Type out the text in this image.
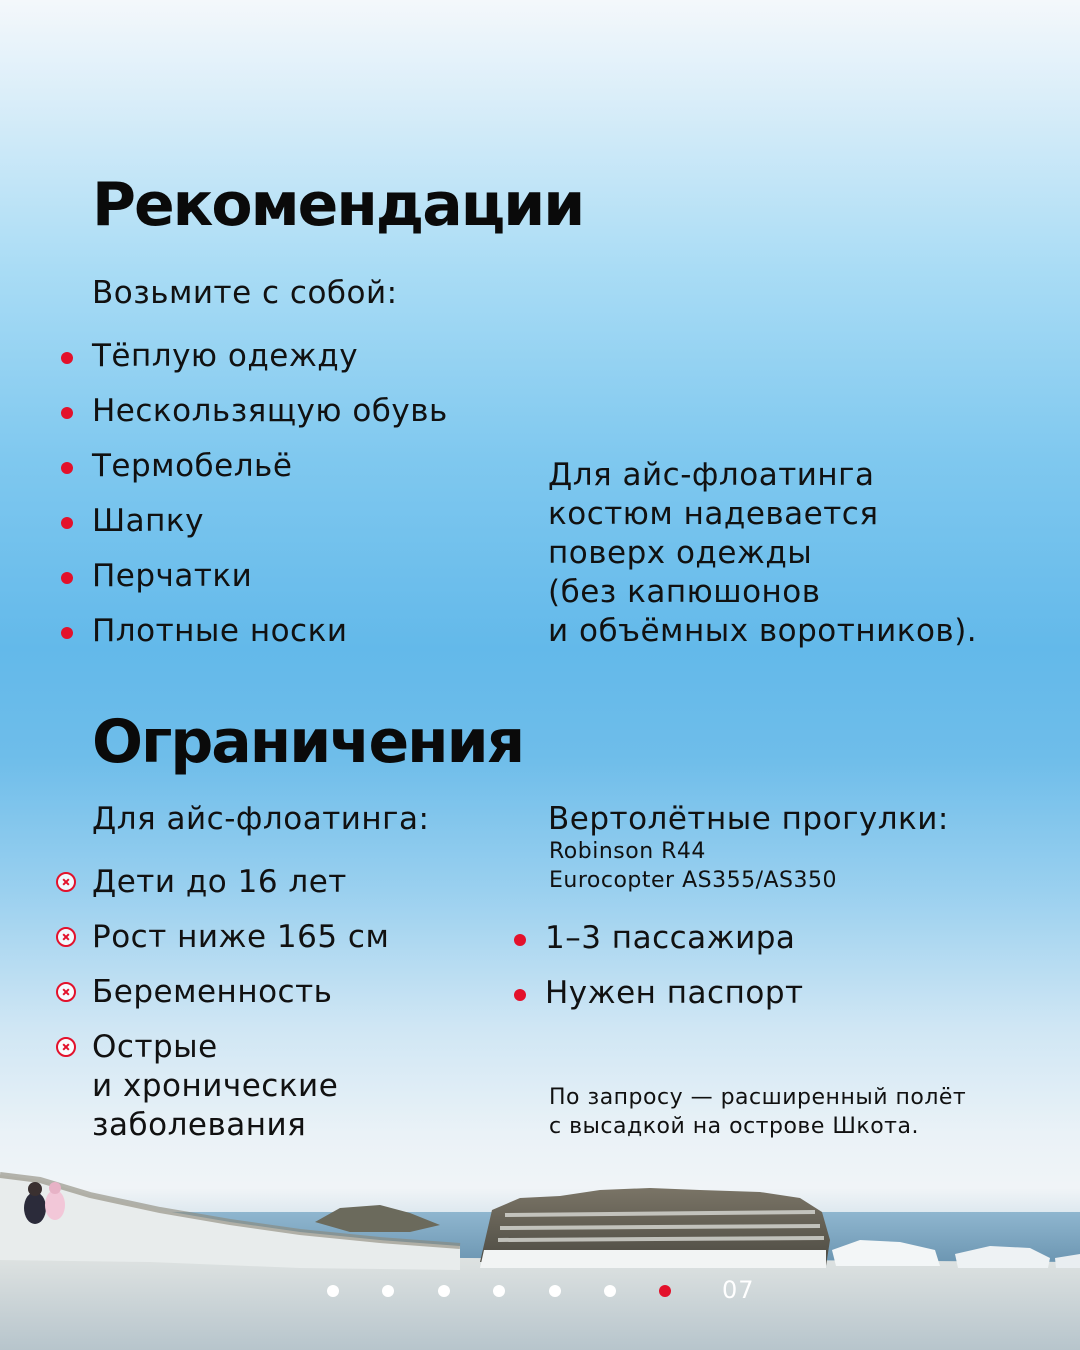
Рекомендации

Возьмите с собой:

Тёплую одежду

Нескользящую обувь

Термобельё

Шапку

Перчатки

Плотные носки

Для айс-флоатинга

костюм надевается

поверх одежды

(без капюшонов

и объёмных воротников).

Ограничения

Для айс-флоатинга:

Дети до 16 лет

Рост ниже 165 см

Беременность

Острые

и хронические

заболевания

Вертолётные прогулки:

Robinson R44

Eurocopter AS355/AS350

1–3 пассажира

Нужен паспорт

По запросу — расширенный полёт

с высадкой на острове Шкота.

07
